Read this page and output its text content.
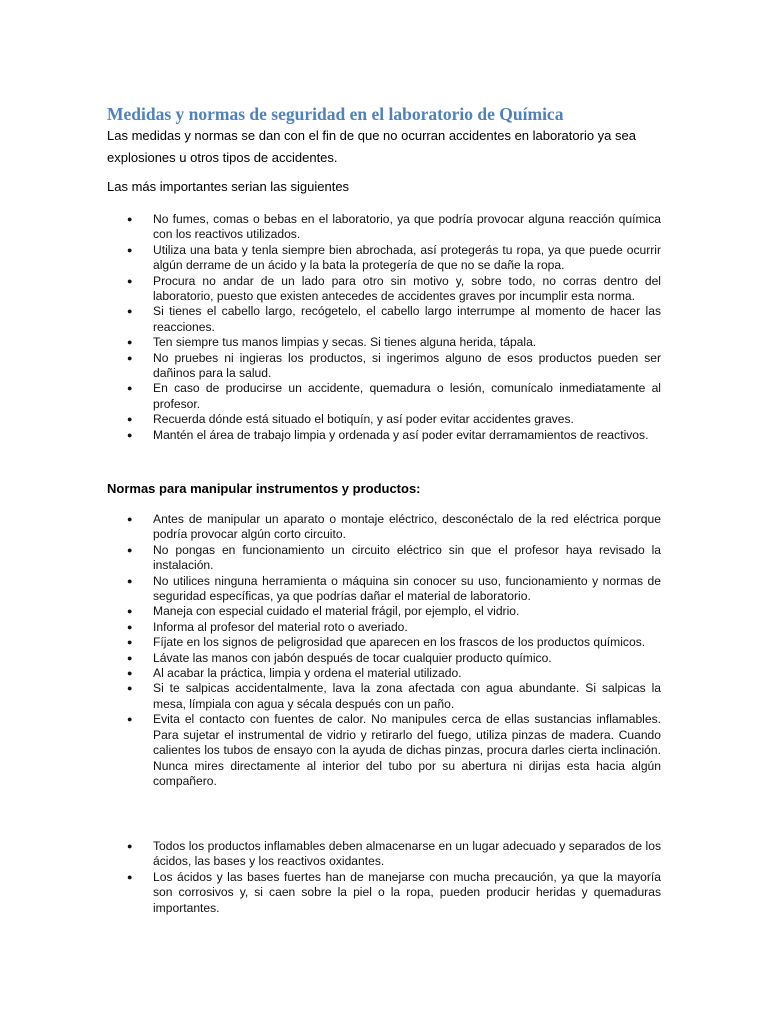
Medidas y normas de seguridad en el laboratorio de Química

Las medidas y normas se dan con el fin de que no ocurran accidentes en laboratorio ya sea explosiones u otros tipos de accidentes.

Las más importantes serian las siguientes

● No fumes, comas o bebas en el laboratorio, ya que podría provocar alguna reacción química con los reactivos utilizados.
● Utiliza una bata y tenla siempre bien abrochada, así protegerás tu ropa, ya que puede ocurrir algún derrame de un ácido y la bata la protegería de que no se dañe la ropa.
● Procura no andar de un lado para otro sin motivo y, sobre todo, no corras dentro del laboratorio, puesto que existen antecedes de accidentes graves por incumplir esta norma.
● Si tienes el cabello largo, recógetelo, el cabello largo interrumpe al momento de hacer las reacciones.
● Ten siempre tus manos limpias y secas. Si tienes alguna herida, tápala.
● No pruebes ni ingieras los productos, si ingerimos alguno de esos productos pueden ser dañinos para la salud.
● En caso de producirse un accidente, quemadura o lesión, comunícalo inmediatamente al profesor.
● Recuerda dónde está situado el botiquín, y así poder evitar accidentes graves.
● Mantén el área de trabajo limpia y ordenada y así poder evitar derramamientos de reactivos.

Normas para manipular instrumentos y productos:

● Antes de manipular un aparato o montaje eléctrico, desconéctalo de la red eléctrica porque podría provocar algún corto circuito.
● No pongas en funcionamiento un circuito eléctrico sin que el profesor haya revisado la instalación.
● No utilices ninguna herramienta o máquina sin conocer su uso, funcionamiento y normas de seguridad específicas, ya que podrías dañar el material de laboratorio.
● Maneja con especial cuidado el material frágil, por ejemplo, el vidrio.
● Informa al profesor del material roto o averiado.
● Fíjate en los signos de peligrosidad que aparecen en los frascos de los productos químicos.
● Lávate las manos con jabón después de tocar cualquier producto químico.
● Al acabar la práctica, limpia y ordena el material utilizado.
● Si te salpicas accidentalmente, lava la zona afectada con agua abundante. Si salpicas la mesa, límpiala con agua y sécala después con un paño.
● Evita el contacto con fuentes de calor. No manipules cerca de ellas sustancias inflamables. Para sujetar el instrumental de vidrio y retirarlo del fuego, utiliza pinzas de madera. Cuando calientes los tubos de ensayo con la ayuda de dichas pinzas, procura darles cierta inclinación. Nunca mires directamente al interior del tubo por su abertura ni dirijas esta hacia algún compañero.
● Todos los productos inflamables deben almacenarse en un lugar adecuado y separados de los ácidos, las bases y los reactivos oxidantes.
● Los ácidos y las bases fuertes han de manejarse con mucha precaución, ya que la mayoría son corrosivos y, si caen sobre la piel o la ropa, pueden producir heridas y quemaduras importantes.
